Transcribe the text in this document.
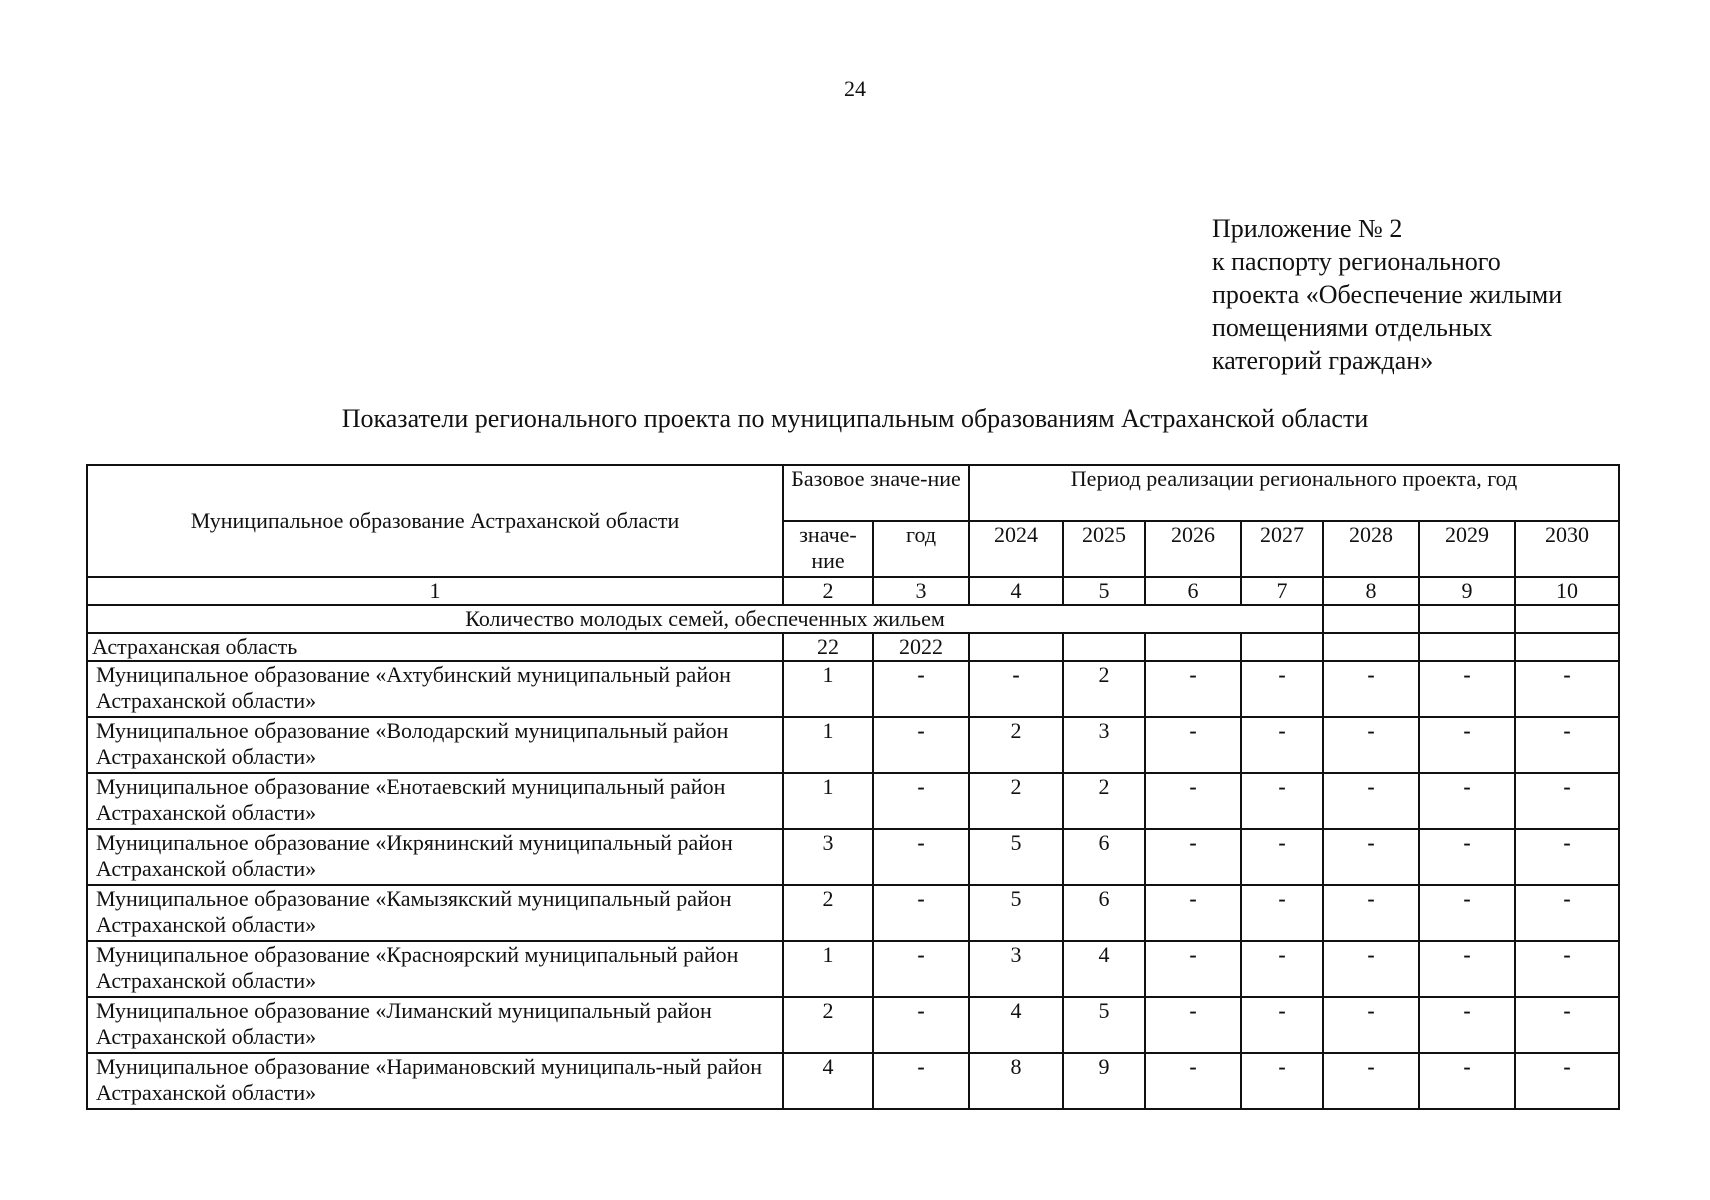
24
Приложение № 2
к паспорту регионального
проекта «Обеспечение жилыми
помещениями отдельных
категорий граждан»
Показатели регионального проекта по муниципальным образованиям Астраханской области
Муниципальное образование Астраханской области	Базовое значе-ние		Период реализации регионального проекта, год						
	значе-ние	год	2024	2025	2026	2027	2028	2029	2030
1	2	3	4	5	6	7	8	9	10
Количество молодых семей, обеспеченных жильем									
Астраханская область	22	2022							
Муниципальное образование «Ахтубинский муниципальный район Астраханской области»	1	-	-	2	-	-	-	-	-
Муниципальное образование «Володарский муниципальный район Астраханской области»	1	-	2	3	-	-	-	-	-
Муниципальное образование «Енотаевский муниципальный район Астраханской области»	1	-	2	2	-	-	-	-	-
Муниципальное образование «Икрянинский муниципальный район Астраханской области»	3	-	5	6	-	-	-	-	-
Муниципальное образование «Камызякский муниципальный район Астраханской области»	2	-	5	6	-	-	-	-	-
Муниципальное образование «Красноярский муниципальный район Астраханской области»	1	-	3	4	-	-	-	-	-
Муниципальное образование «Лиманский муниципальный район Астраханской области»	2	-	4	5	-	-	-	-	-
Муниципальное образование «Наримановский муниципаль-ный район Астраханской области»	4	-	8	9	-	-	-	-	-
